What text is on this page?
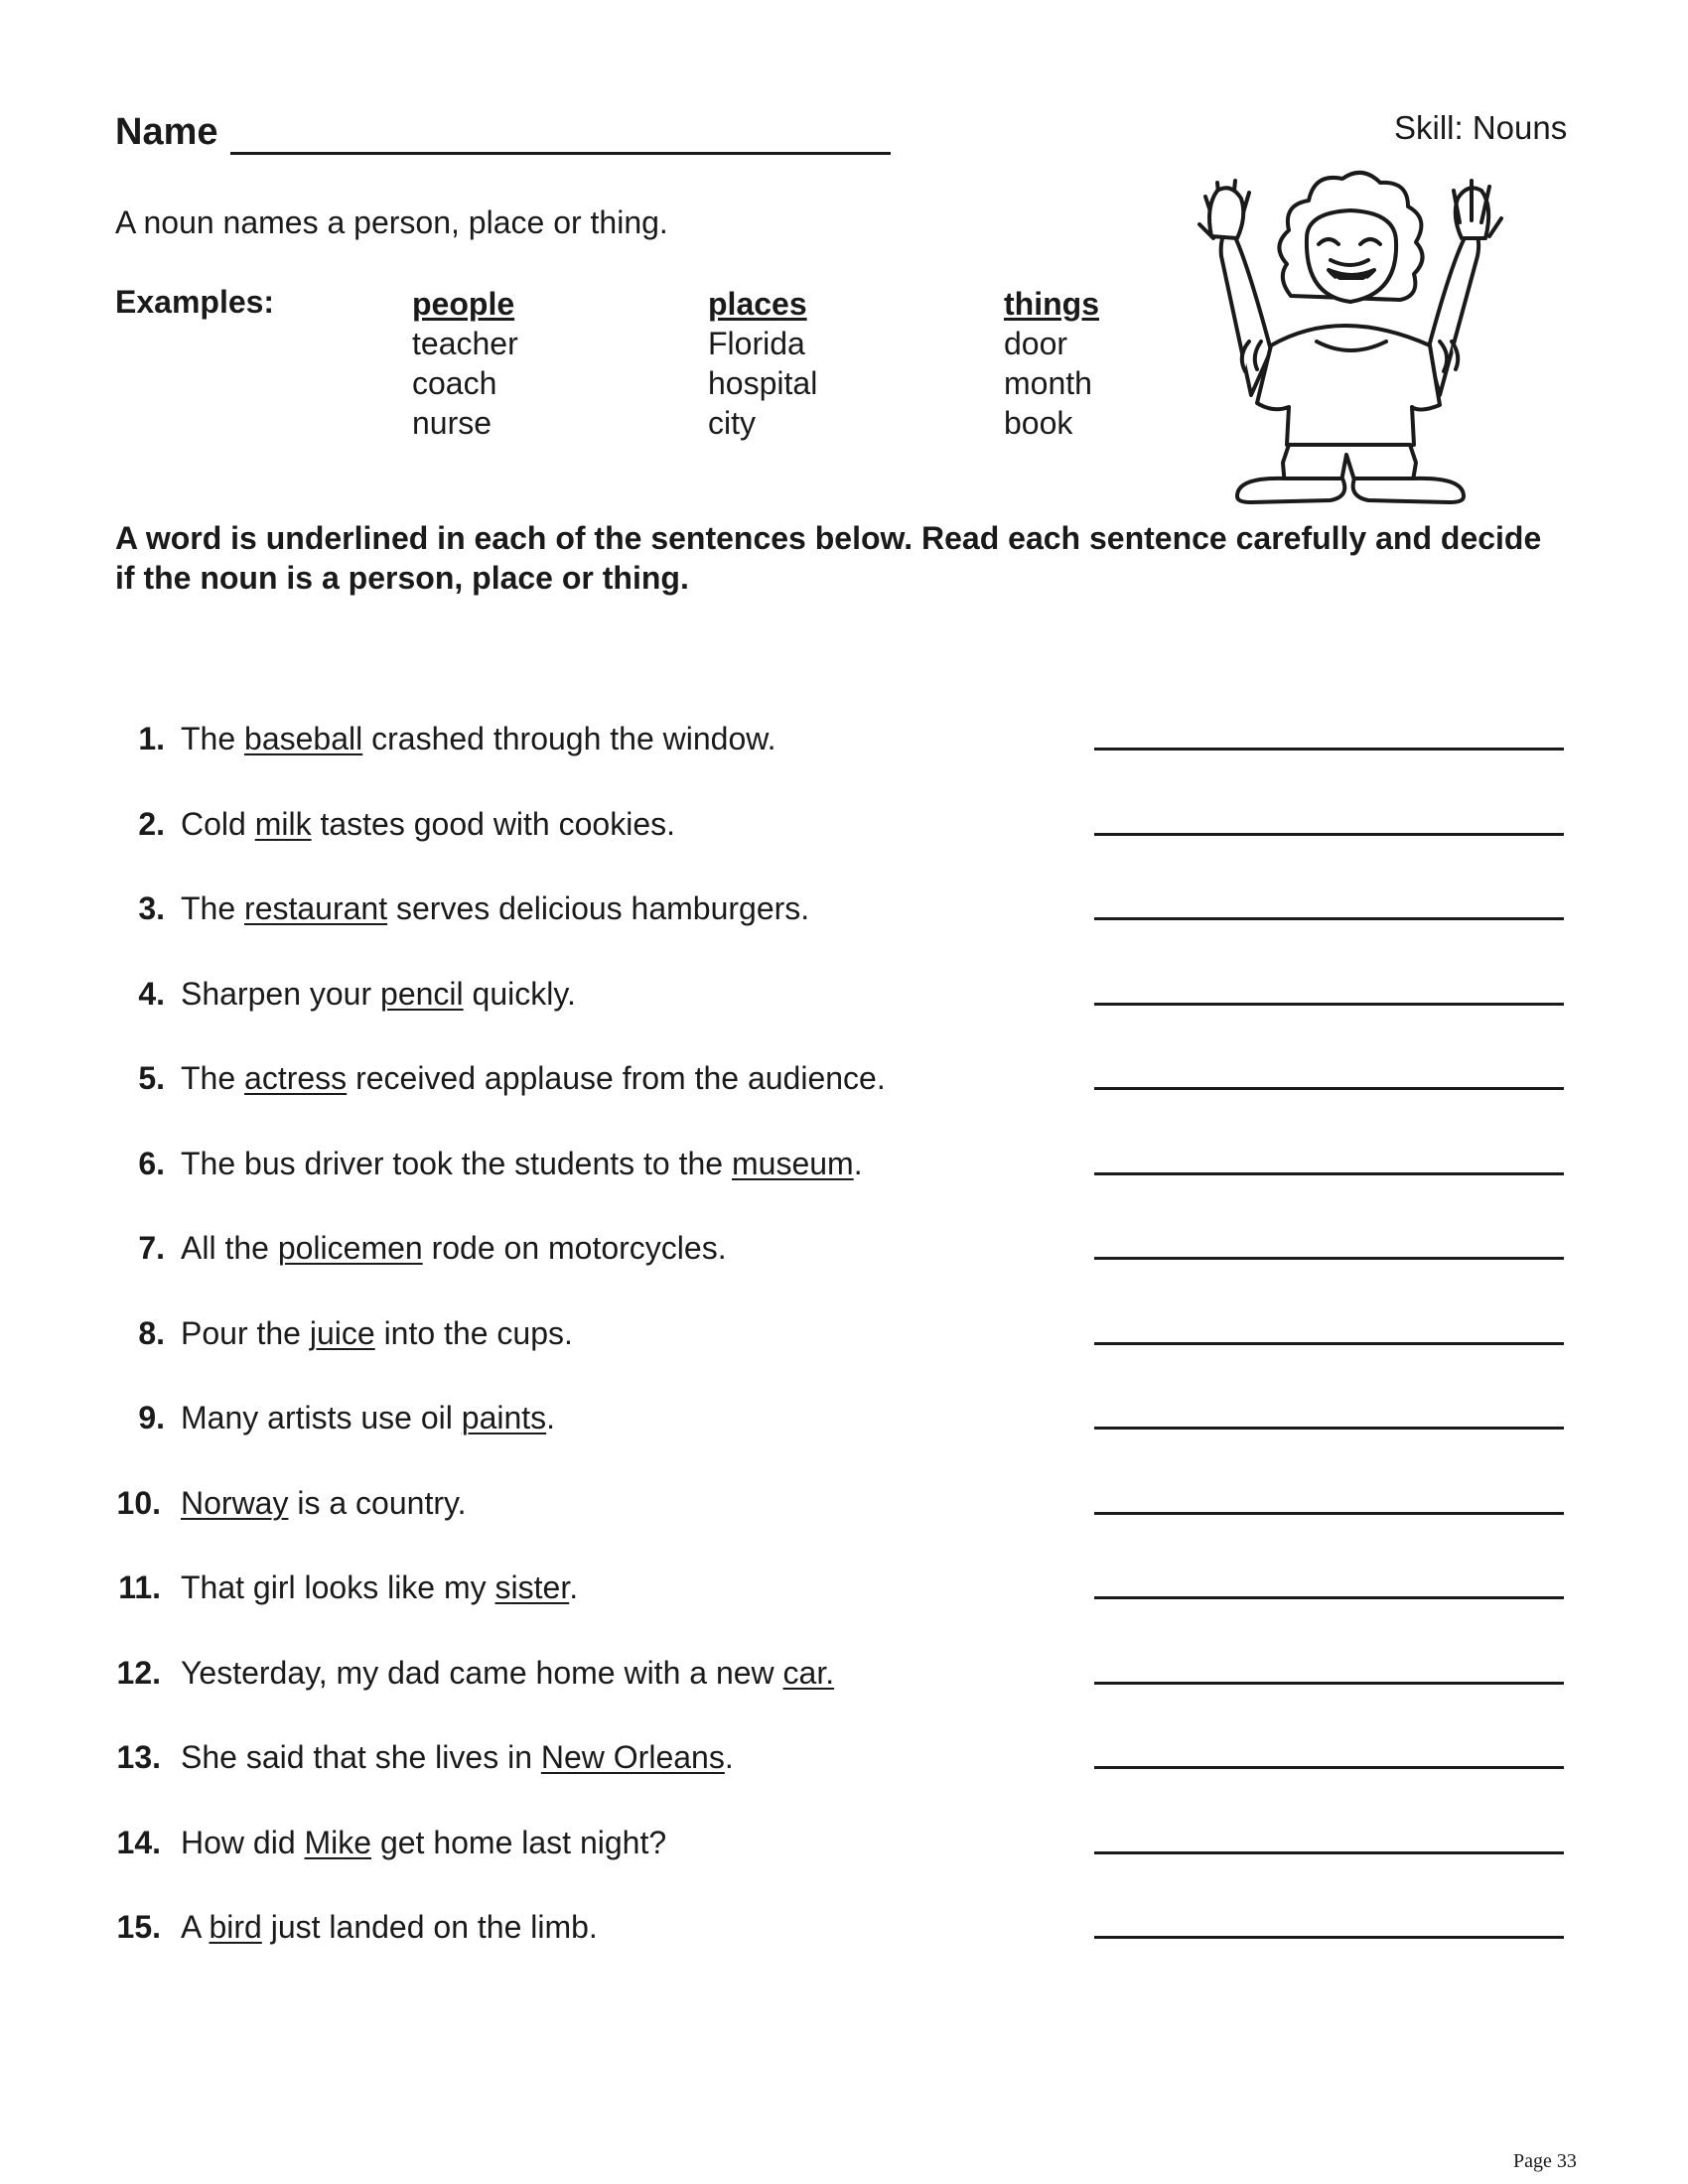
Name	Skill: Nouns
A noun names a person, place or thing.
Examples:	people
teacher
coach
nurse
places
Florida
hospital
city
things
door
month
book
A word is underlined in each of the sentences below. Read each sentence carefully and decide if the noun is a person, place or thing.
1. The baseball crashed through the window.
2. Cold milk tastes good with cookies.
3. The restaurant serves delicious hamburgers.
4. Sharpen your pencil quickly.
5. The actress received applause from the audience.
6. The bus driver took the students to the museum.
7. All the policemen rode on motorcycles.
8. Pour the juice into the cups.
9. Many artists use oil paints.
10. Norway is a country.
11. That girl looks like my sister.
12. Yesterday, my dad came home with a new car.
13. She said that she lives in New Orleans.
14. How did Mike get home last night?
15. A bird just landed on the limb.
Page 33
